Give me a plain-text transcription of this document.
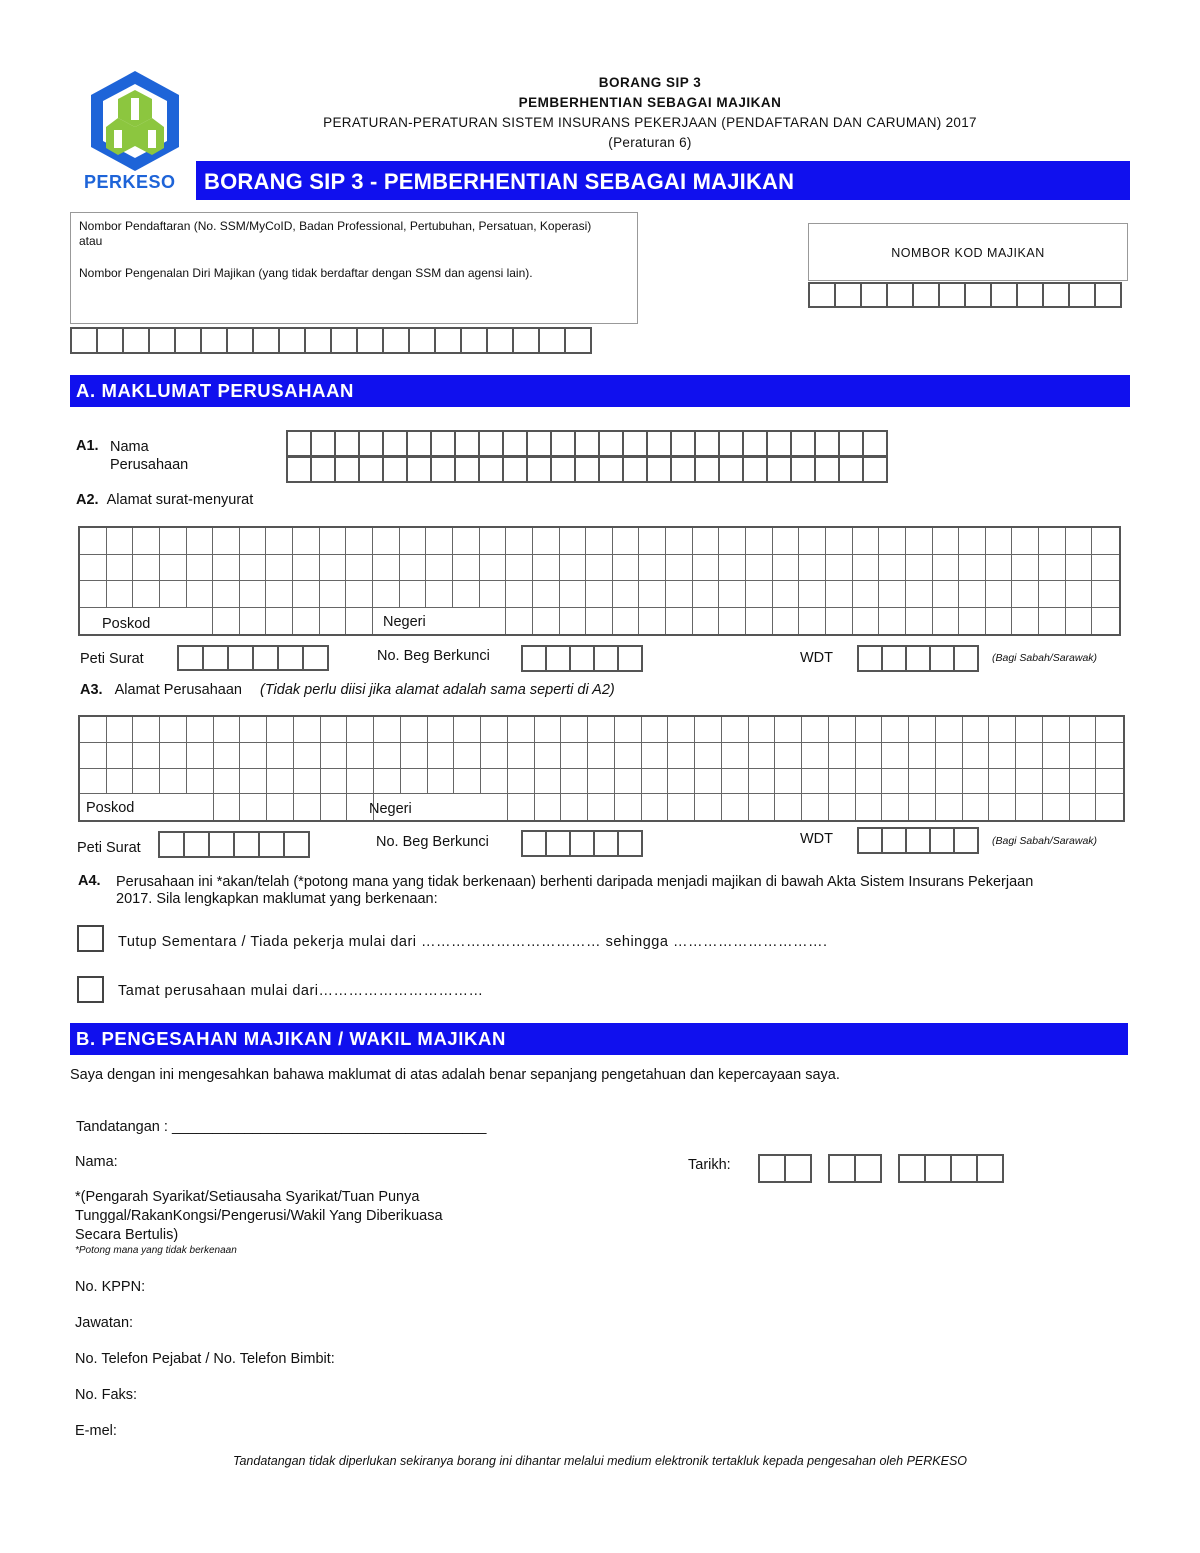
PERKESO
BORANG SIP 3
PEMBERHENTIAN SEBAGAI MAJIKAN
PERATURAN-PERATURAN SISTEM INSURANS PEKERJAAN (PENDAFTARAN DAN CARUMAN) 2017
(Peraturan 6)
BORANG SIP 3 - PEMBERHENTIAN SEBAGAI MAJIKAN
Nombor Pendaftaran (No. SSM/MyCoID, Badan Professional, Pertubuhan, Persatuan, Koperasi)
atau
Nombor Pengenalan Diri Majikan (yang tidak berdaftar dengan SSM dan agensi lain).
NOMBOR KOD MAJIKAN
A. MAKLUMAT PERUSAHAAN
A1. Nama
Perusahaan
A2. Alamat surat-menyurat
Poskod	Negeri
Peti Surat	No. Beg Berkunci	WDT	(Bagi Sabah/Sarawak)
A3. Alamat Perusahaan (Tidak perlu diisi jika alamat adalah sama seperti di A2)
Poskod	Negeri
Peti Surat	No. Beg Berkunci	WDT	(Bagi Sabah/Sarawak)
A4. Perusahaan ini *akan/telah (*potong mana yang tidak berkenaan) berhenti daripada menjadi majikan di bawah Akta Sistem Insurans Pekerjaan
2017. Sila lengkapkan maklumat yang berkenaan:
Tutup Sementara / Tiada pekerja mulai dari ……………………………… sehingga ………………………….
Tamat perusahaan mulai dari……………………………
B. PENGESAHAN MAJIKAN / WAKIL MAJIKAN
Saya dengan ini mengesahkan bahawa maklumat di atas adalah benar sepanjang pengetahuan dan kepercayaan saya.
Tandatangan : _______________________________________
Nama:	Tarikh:
*(Pengarah Syarikat/Setiausaha Syarikat/Tuan Punya
Tunggal/RakanKongsi/Pengerusi/Wakil Yang Diberikuasa
Secara Bertulis)
*Potong mana yang tidak berkenaan
No. KPPN:
Jawatan:
No. Telefon Pejabat / No. Telefon Bimbit:
No. Faks:
E-mel:
Tandatangan tidak diperlukan sekiranya borang ini dihantar melalui medium elektronik tertakluk kepada pengesahan oleh PERKESO
